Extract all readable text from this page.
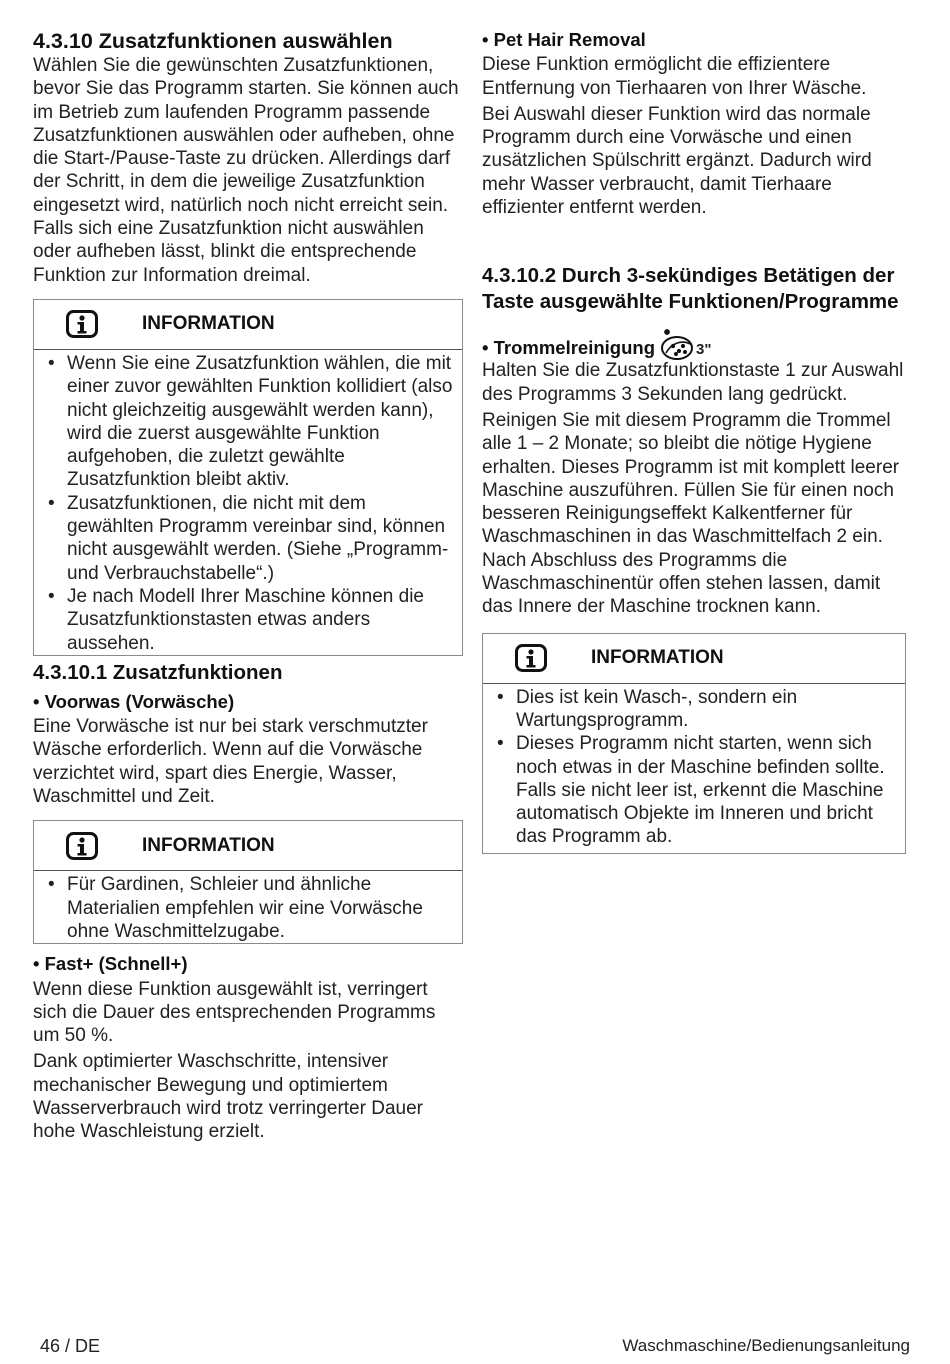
4.3.10 Zusatzfunktionen auswählen

Wählen Sie die gewünschten Zusatzfunktionen, bevor Sie das Programm starten. Sie können auch im Betrieb zum laufenden Programm passende Zusatzfunktionen auswählen oder aufheben, ohne die Start-/Pause-Taste zu drücken. Allerdings darf der Schritt, in dem die jeweilige Zusatzfunktion eingesetzt wird, natürlich noch nicht erreicht sein. Falls sich eine Zusatzfunktion nicht auswählen oder aufheben lässt, blinkt die entsprechende Funktion zur Information dreimal.

INFORMATION
• Wenn Sie eine Zusatzfunktion wählen, die mit einer zuvor gewählten Funktion kollidiert (also nicht gleichzeitig ausgewählt werden kann), wird die zuerst ausgewählte Funktion aufgehoben, die zuletzt gewählte Zusatzfunktion bleibt aktiv.
• Zusatzfunktionen, die nicht mit dem gewählten Programm vereinbar sind, können nicht ausgewählt werden. (Siehe „Programm- und Verbrauchstabelle“.)
• Je nach Modell Ihrer Maschine können die Zusatzfunktionstasten etwas anders aussehen.
4.3.10.1 Zusatzfunktionen
• Voorwas (Vorwäsche)

Eine Vorwäsche ist nur bei stark verschmutzter Wäsche erforderlich. Wenn auf die Vorwäsche verzichtet wird, spart dies Energie, Wasser, Waschmittel und Zeit.

INFORMATION
• Für Gardinen, Schleier und ähnliche Materialien empfehlen wir eine Vorwäsche ohne Waschmittelzugabe.
• Fast+ (Schnell+)

Wenn diese Funktion ausgewählt ist, verringert sich die Dauer des entsprechenden Programms um 50 %.

Dank optimierter Waschschritte, intensiver mechanischer Bewegung und optimiertem Wasserverbrauch wird trotz verringerter Dauer hohe Waschleistung erzielt.

• Pet Hair Removal

Diese Funktion ermöglicht die effizientere Entfernung von Tierhaaren von Ihrer Wäsche.

Bei Auswahl dieser Funktion wird das normale Programm durch eine Vorwäsche und einen zusätzlichen Spülschritt ergänzt. Dadurch wird mehr Wasser verbraucht, damit Tierhaare effizienter entfernt werden.

4.3.10.2 Durch 3-sekündiges Betätigen der Taste ausgewählte Funktionen/Programme
• Trommelreinigung	3"

Halten Sie die Zusatzfunktionstaste 1 zur Auswahl des Programms 3 Sekunden lang gedrückt.

Reinigen Sie mit diesem Programm die Trommel alle 1 – 2 Monate; so bleibt die nötige Hygiene erhalten. Dieses Programm ist mit komplett leerer Maschine auszuführen. Füllen Sie für einen noch besseren Reinigungseffekt Kalkentferner für Waschmaschinen in das Waschmittelfach 2 ein. Nach Abschluss des Programms die Waschmaschinentür offen stehen lassen, damit das Innere der Maschine trocknen kann.

INFORMATION
• Dies ist kein Wasch-, sondern ein Wartungsprogramm.
• Dieses Programm nicht starten, wenn sich noch etwas in der Maschine befinden sollte. Falls sie nicht leer ist, erkennt die Maschine automatisch Objekte im Inneren und bricht das Programm ab.
46 / DE	Waschmaschine/Bedienungsanleitung
